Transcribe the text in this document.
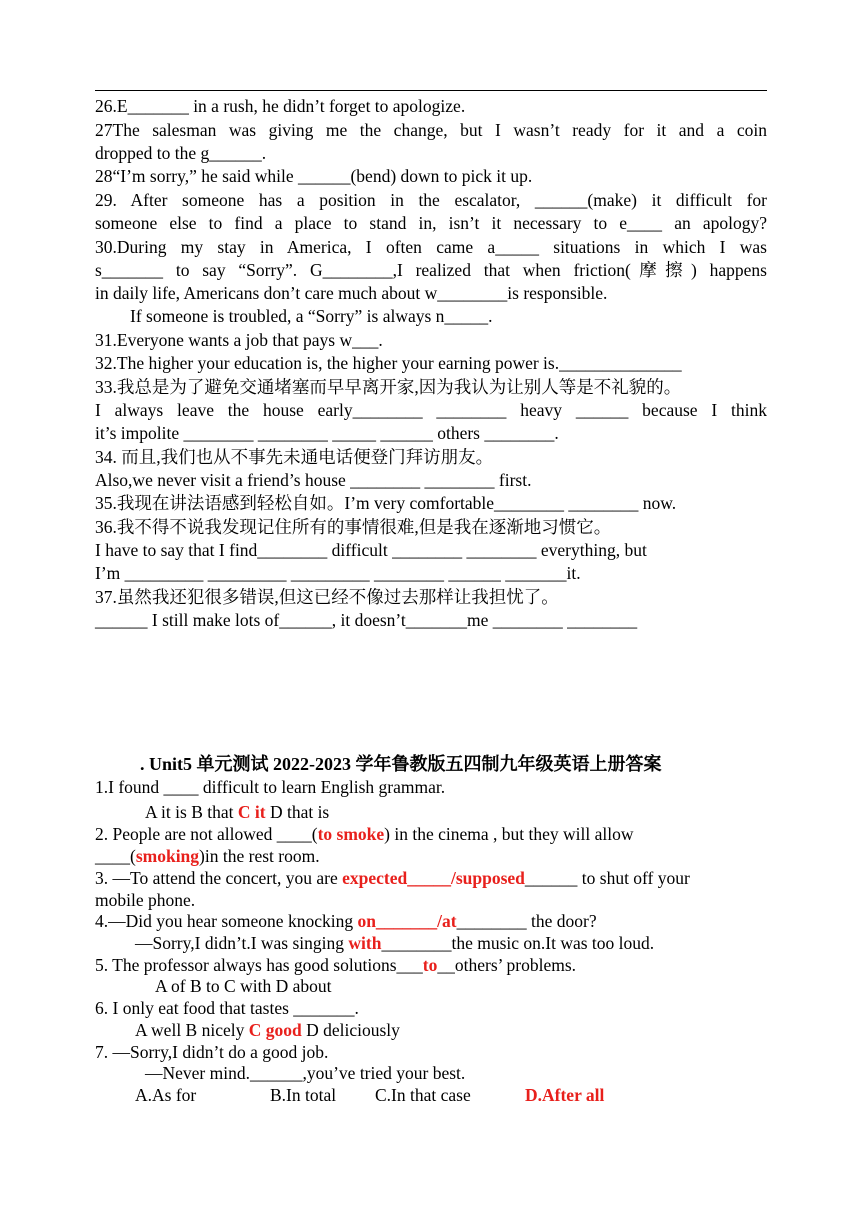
26.E_______ in a rush, he didn’t forget to apologize.
27The salesman was giving me the change, but I wasn’t ready for it and a coin
dropped to the g______.
28“I’m sorry,” he said while ______(bend) down to pick it up.
29. After someone has a position in the escalator, ______(make) it difficult for
someone else to find a place to stand in, isn’t it necessary to e____ an apology?
30.During my stay in America, I often came a_____ situations in which I was
s_______ to say “Sorry”. G________,I realized that when friction(摩擦) happens
in daily life, Americans don’t care much about w________is responsible.
If someone is troubled, a “Sorry” is always n_____.
31.Everyone wants a job that pays w___.
32.The higher your education is, the higher your earning power is.______________
33.我总是为了避免交通堵塞而早早离开家,因为我认为让别人等是不礼貌的。
I always leave the house early________ ________ heavy ______ because I think
it’s impolite ________ ________ _____ ______ others ________.
34. 而且,我们也从不事先未通电话便登门拜访朋友。
Also,we never visit a friend’s house ________ ________ first.
35.我现在讲法语感到轻松自如。I’m very comfortable________ ________ now.
36.我不得不说我发现记住所有的事情很难,但是我在逐渐地习惯它。
I have to say that I find________ difficult ________ ________ everything, but
I’m _________ _________ _________ ________ ______ _______it.
37.虽然我还犯很多错误,但这已经不像过去那样让我担忧了。
______ I still make lots of______, it doesn’t_______me ________ ________
. Unit5 单元测试 2022-2023 学年鲁教版五四制九年级英语上册答案
1.I found ____ difficult to learn English grammar.
A it is B that C it D that is
2. People are not allowed ____(to smoke) in the cinema , but they will allow
____(smoking)in the rest room.
3. —To attend the concert, you are expected_____/supposed______ to shut off your
mobile phone.
4.—Did you hear someone knocking on_______/at________ the door?
—Sorry,I didn’t.I was singing with________the music on.It was too loud.
5. The professor always has good solutions___to__others’ problems.
A of B to C with D about
6. I only eat food that tastes _______.
A well B nicely C good D deliciously
7. —Sorry,I didn’t do a good job.
—Never mind.______,you’ve tried your best.
A.As for	B.In total	C.In that case	D.After all
